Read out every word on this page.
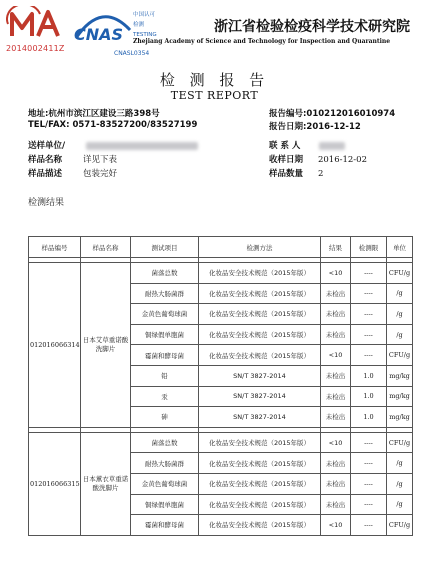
2014002411Z
CNAS
中国认可
检测
TESTING
CNASL0354
浙江省检验检疫科学技术研究院
Zhejiang Academy of Science and Technology for Inspection and Quarantine
检 测 报 告
TEST REPORT
地址:杭州市滨江区建设三路398号
TEL/FAX: 0571-83527200/83527199
报告编号:010212016010974
报告日期:2016-12-12
送样单位/
样品名称 详见下表
样品描述 包装完好
联 系 人
收样日期 2016-12-02
样品数量 2
检测结果
样品编号	样品名称	测试项目	检测方法	结果	检测限	单位

012016066314	日本艾草重诺酸洗脚片	菌落总数	化妆品安全技术规范（2015年版）	<10	----	CFU/g
		耐热大肠菌群	化妆品安全技术规范（2015年版）	未检出	----	/g
		金黄色葡萄球菌	化妆品安全技术规范（2015年版）	未检出	----	/g
		铜绿假单胞菌	化妆品安全技术规范（2015年版）	未检出	----	/g
		霉菌和酵母菌	化妆品安全技术规范（2015年版）	<10	----	CFU/g
		铅	SN/T 3827-2014	未检出	1.0	mg/kg
		汞	SN/T 3827-2014	未检出	1.0	mg/kg
		砷	SN/T 3827-2014	未检出	1.0	mg/kg

012016066315	日本薰衣草重诺酸洗脚片	菌落总数	化妆品安全技术规范（2015年版）	<10	----	CFU/g
		耐热大肠菌群	化妆品安全技术规范（2015年版）	未检出	----	/g
		金黄色葡萄球菌	化妆品安全技术规范（2015年版）	未检出	----	/g
		铜绿假单胞菌	化妆品安全技术规范（2015年版）	未检出	----	/g
		霉菌和酵母菌	化妆品安全技术规范（2015年版）	<10	----	CFU/g
